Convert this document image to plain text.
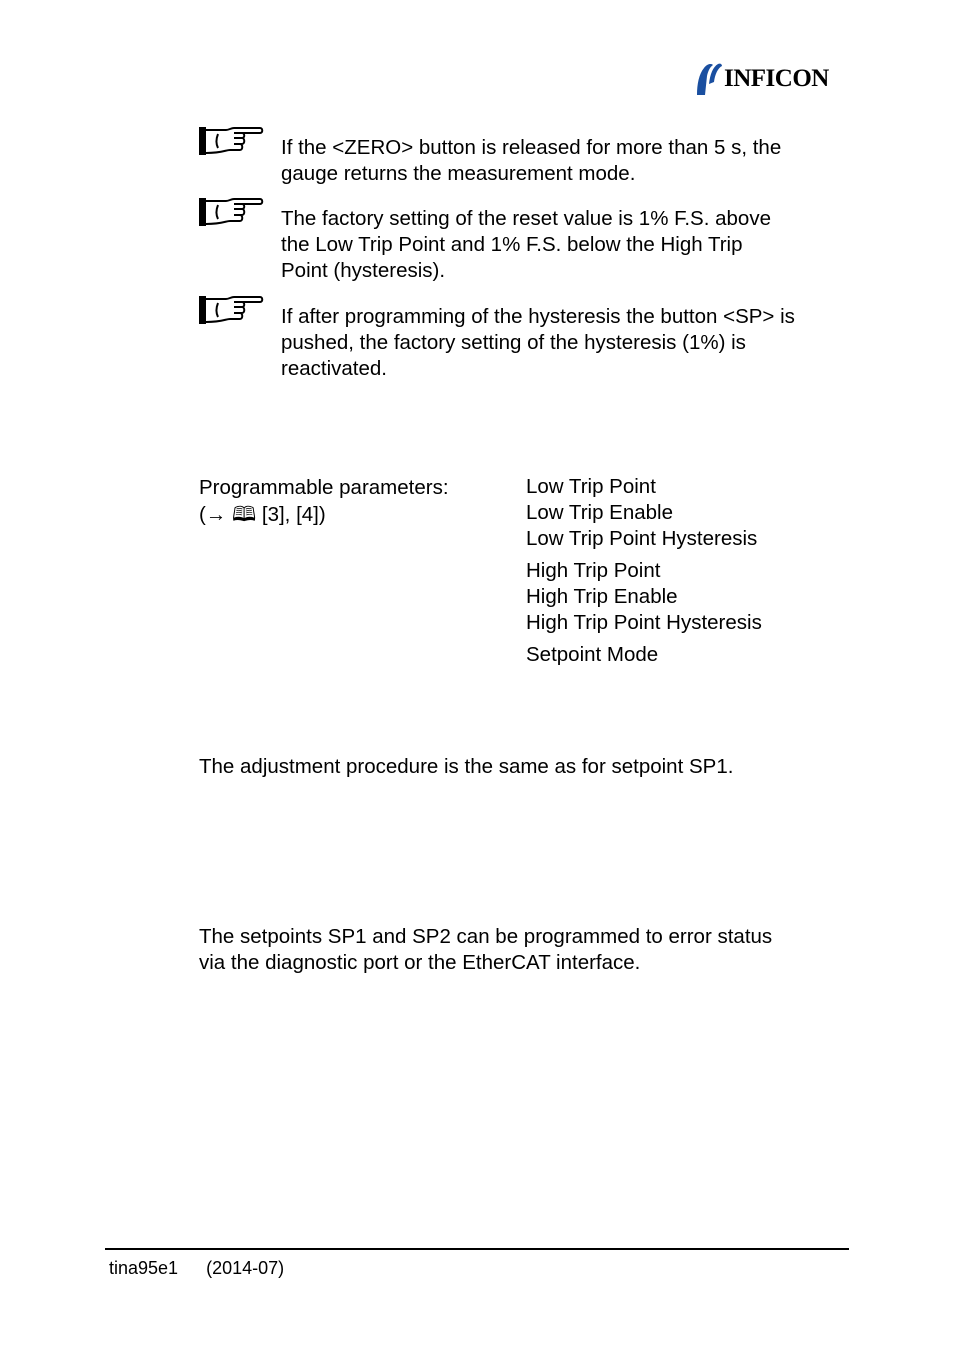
INFICON
If the <ZERO> button is released for more than 5 s, the
gauge returns the measurement mode.
The factory setting of the reset value is 1% F.S. above
the Low Trip Point and 1% F.S. below the High Trip
Point (hysteresis).
If after programming of the hysteresis the button <SP> is
pushed, the factory setting of the hysteresis (1%) is
reactivated.
Programmable parameters:
(→ 🕮 [3], [4])
Low Trip Point
Low Trip Enable
Low Trip Point Hysteresis
High Trip Point
High Trip Enable
High Trip Point Hysteresis
Setpoint Mode
The adjustment procedure is the same as for setpoint SP1.
The setpoints SP1 and SP2 can be programmed to error status
via the diagnostic port or the EtherCAT interface.
tina95e1 (2014-07)
